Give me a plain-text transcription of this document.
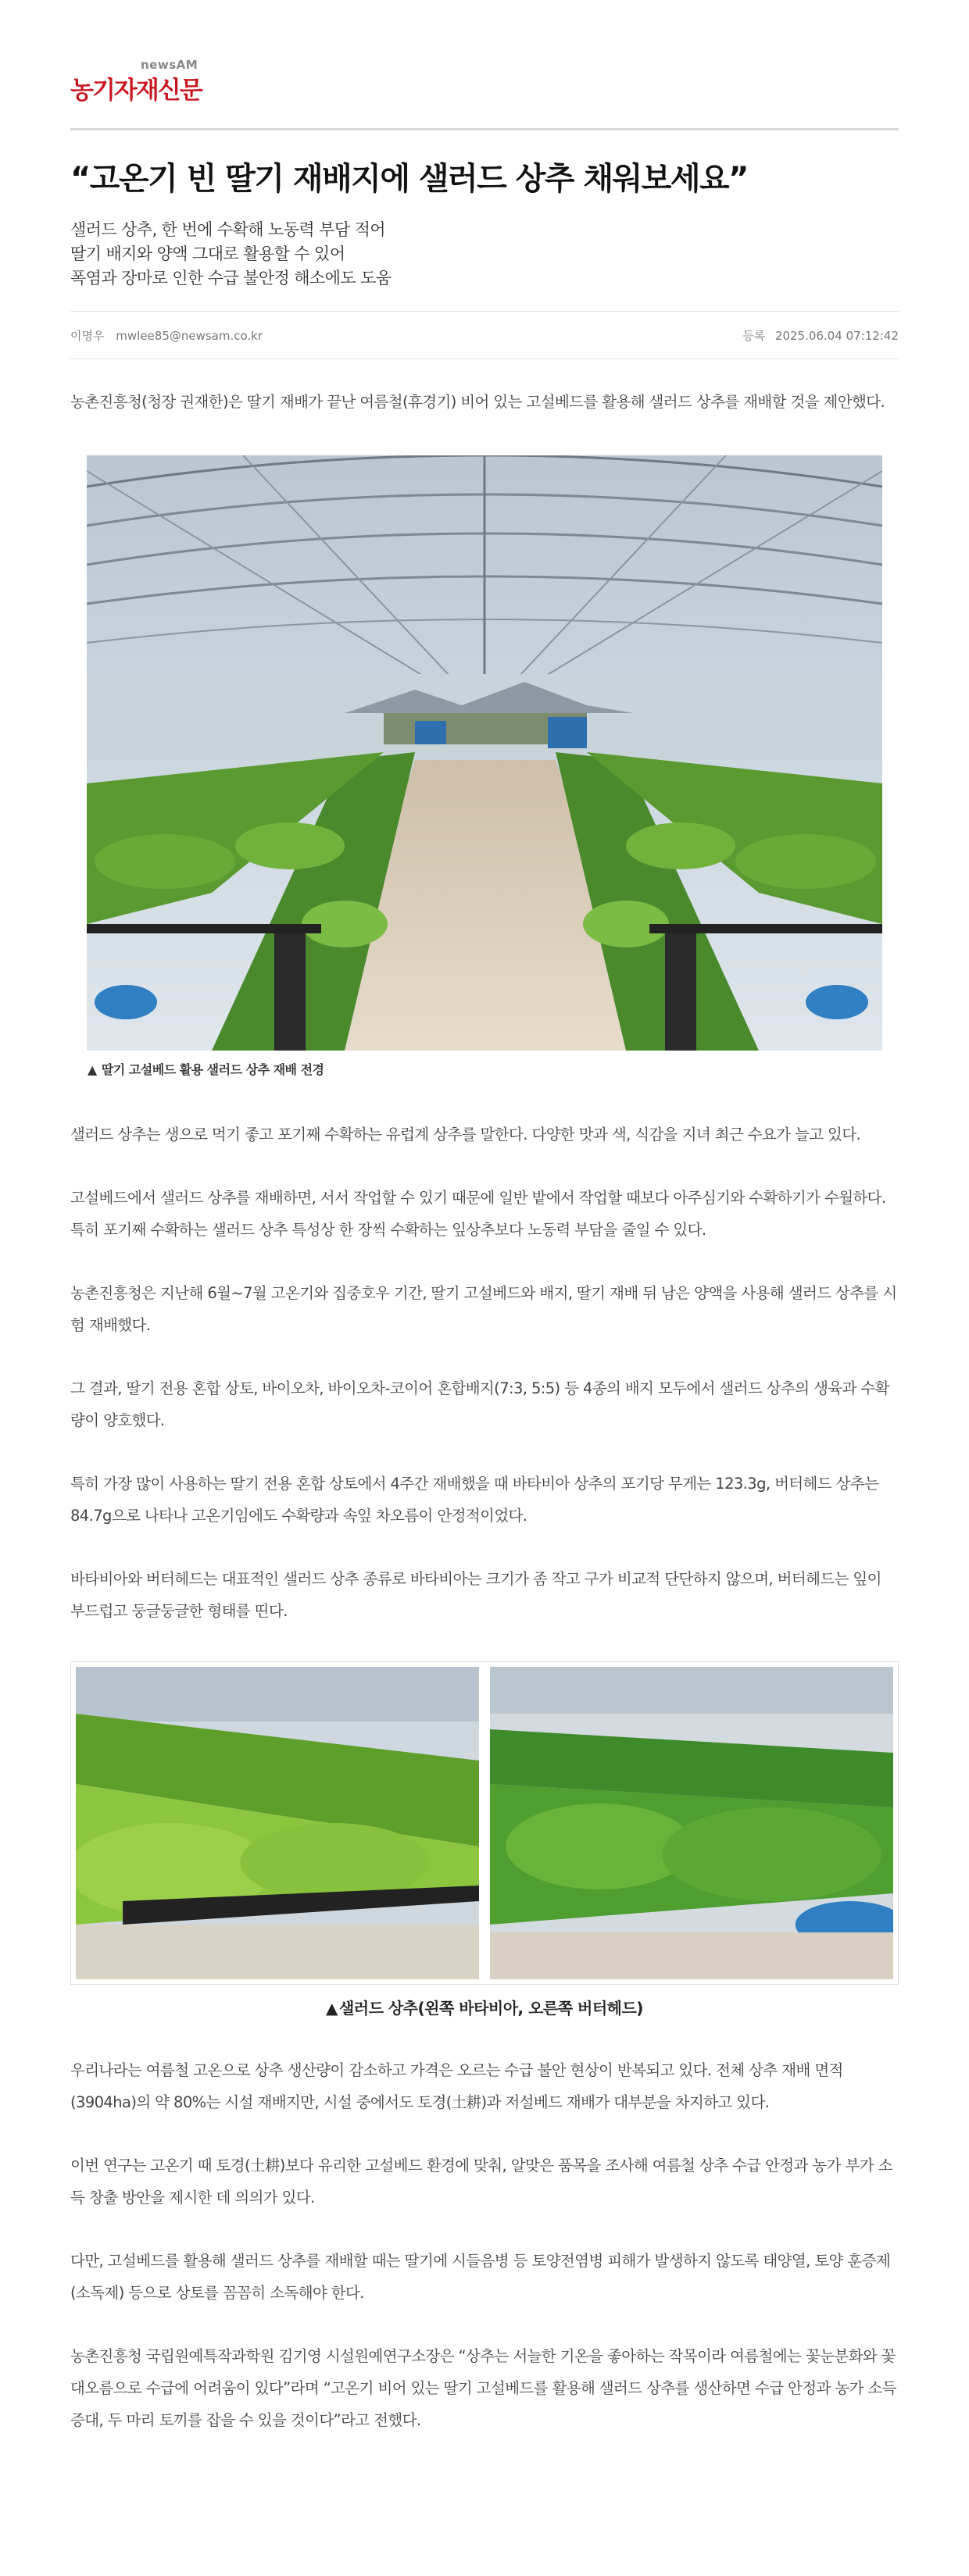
newsAM
농기자재신문
“고온기 빈 딸기 재배지에 샐러드 상추 채워보세요”
샐러드 상추, 한 번에 수확해 노동력 부담 적어
딸기 배지와 양액 그대로 활용할 수 있어
폭염과 장마로 인한 수급 불안정 해소에도 도움
이명우 mwlee85@newsam.co.kr	등록 2025.06.04 07:12:42

농촌진흥청(청장 권재한)은 딸기 재배가 끝난 여름철(휴경기) 비어 있는 고설베드를 활용해 샐러드 상추를 재배할 것을 제안했다.

▲ 딸기 고설베드 활용 샐러드 상추 재배 전경

샐러드 상추는 생으로 먹기 좋고 포기째 수확하는 유럽계 상추를 말한다. 다양한 맛과 색, 식감을 지녀 최근 수요가 늘고 있다.

고설베드에서 샐러드 상추를 재배하면, 서서 작업할 수 있기 때문에 일반 밭에서 작업할 때보다 아주심기와 수확하기가 수월하다. 특히 포기째 수확하는 샐러드 상추 특성상 한 장씩 수확하는 잎상추보다 노동력 부담을 줄일 수 있다.

농촌진흥청은 지난해 6월~7월 고온기와 집중호우 기간, 딸기 고설베드와 배지, 딸기 재배 뒤 남은 양액을 사용해 샐러드 상추를 시험 재배했다.

그 결과, 딸기 전용 혼합 상토, 바이오차, 바이오차-코이어 혼합배지(7:3, 5:5) 등 4종의 배지 모두에서 샐러드 상추의 생육과 수확량이 양호했다.

특히 가장 많이 사용하는 딸기 전용 혼합 상토에서 4주간 재배했을 때 바타비아 상추의 포기당 무게는 123.3g, 버터헤드 상추는 84.7g으로 나타나 고온기임에도 수확량과 속잎 차오름이 안정적이었다.

바타비아와 버터헤드는 대표적인 샐러드 상추 종류로 바타비아는 크기가 좀 작고 구가 비교적 단단하지 않으며, 버터헤드는 잎이 부드럽고 둥글둥글한 형태를 띤다.

▲ 샐러드 상추(왼쪽 바타비아, 오른쪽 버터헤드)

우리나라는 여름철 고온으로 상추 생산량이 감소하고 가격은 오르는 수급 불안 현상이 반복되고 있다. 전체 상추 재배 면적(3904ha)의 약 80%는 시설 재배지만, 시설 중에서도 토경(土耕)과 저설베드 재배가 대부분을 차지하고 있다.

이번 연구는 고온기 때 토경(土耕)보다 유리한 고설베드 환경에 맞춰, 알맞은 품목을 조사해 여름철 상추 수급 안정과 농가 부가 소득 창출 방안을 제시한 데 의의가 있다.

다만, 고설베드를 활용해 샐러드 상추를 재배할 때는 딸기에 시들음병 등 토양전염병 피해가 발생하지 않도록 태양열, 토양 훈증제(소독제) 등으로 상토를 꼼꼼히 소독해야 한다.

농촌진흥청 국립원예특작과학원 김기영 시설원예연구소장은 “상추는 서늘한 기온을 좋아하는 작목이라 여름철에는 꽃눈분화와 꽃대오름으로 수급에 어려움이 있다”라며 “고온기 비어 있는 딸기 고설베드를 활용해 샐러드 상추를 생산하면 수급 안정과 농가 소득 증대, 두 마리 토끼를 잡을 수 있을 것이다”라고 전했다.
